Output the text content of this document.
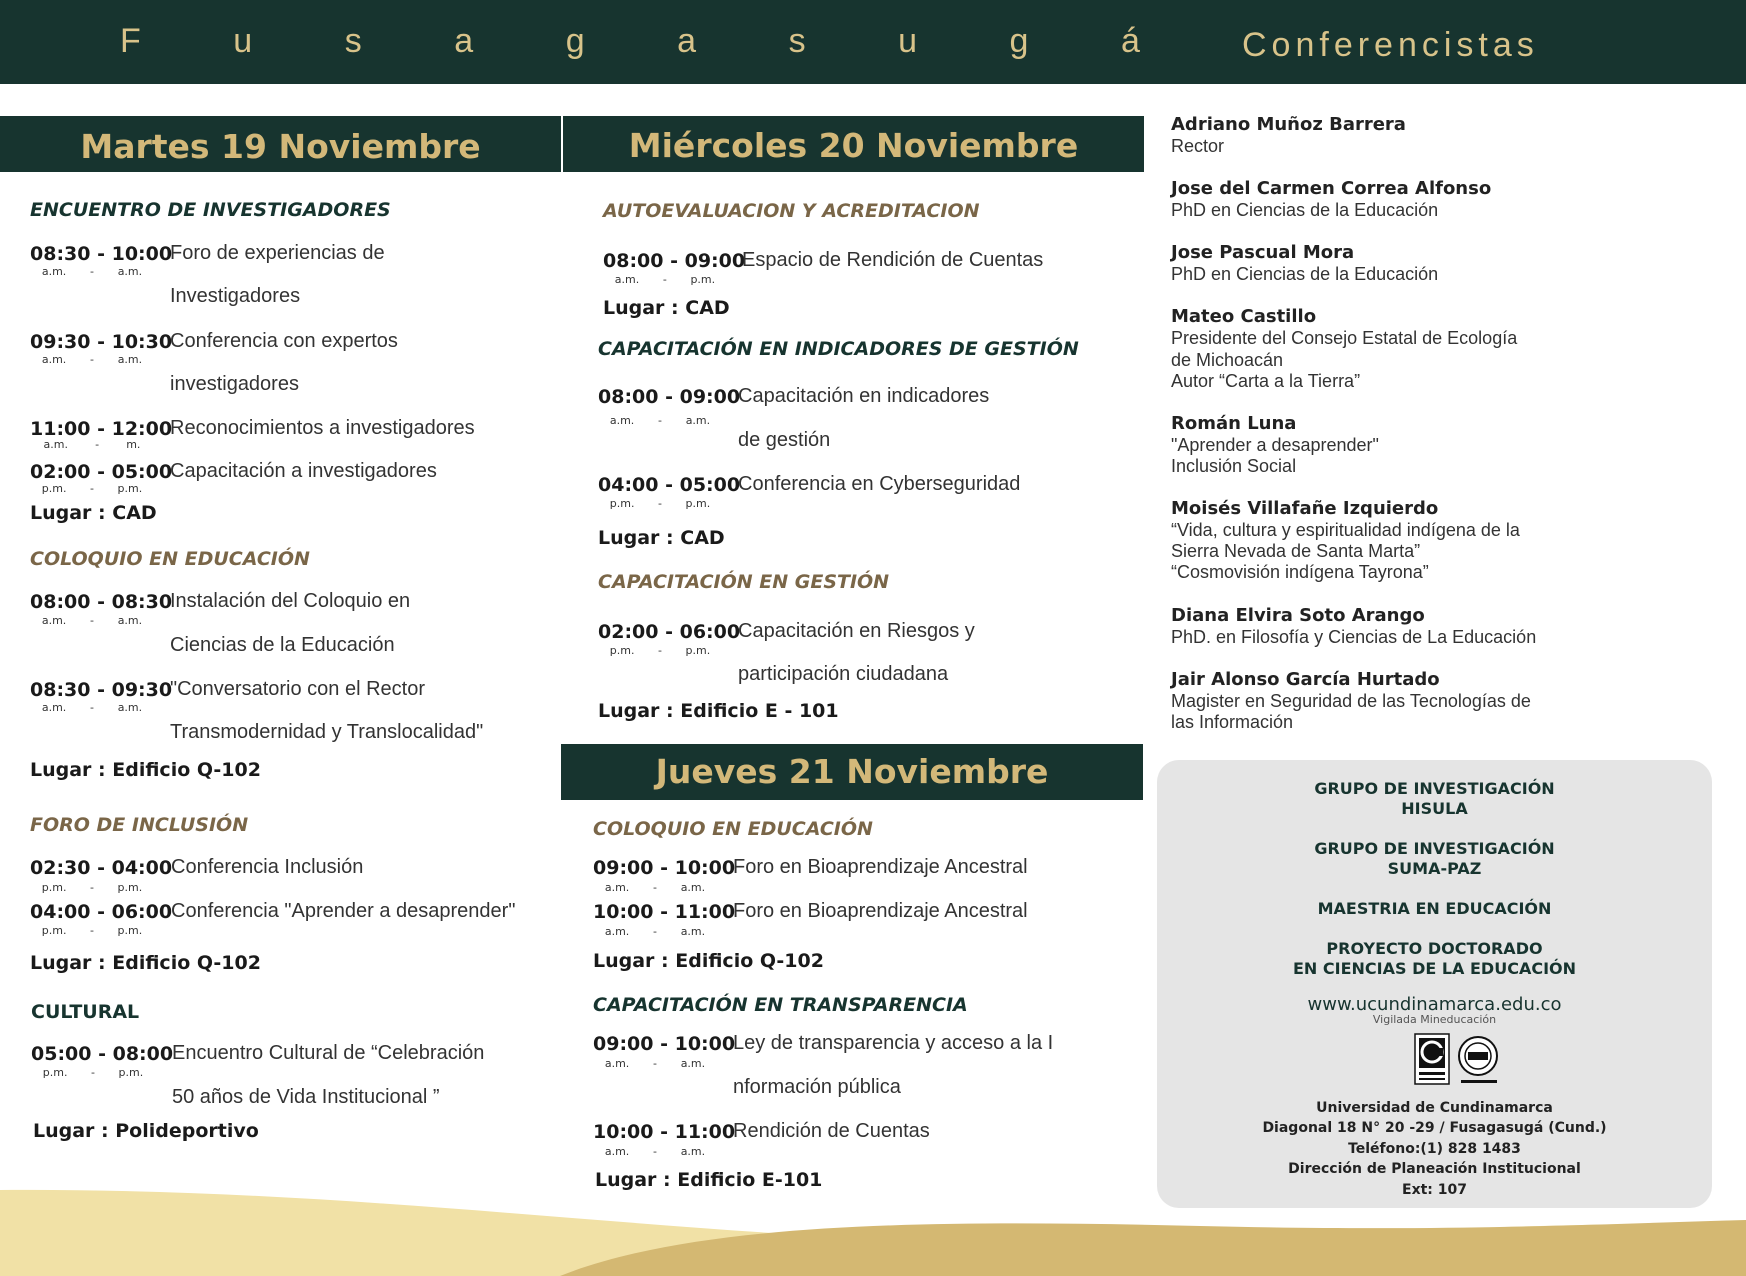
F	u	s	a	g	a	s	u	g	á	Conferencistas
Martes 19 Noviembre	Miércoles 20 Noviembre
Jueves 21 Noviembre
ENCUENTRO DE INVESTIGADORES
08:30 - 10:00
a.m. - a.m.
Foro de experiencias de
Investigadores
09:30 - 10:30
a.m. - a.m.
Conferencia con expertos
investigadores
11:00 - 12:00
a.m. - m.
Reconocimientos a investigadores
02:00 - 05:00
p.m. - p.m.
Capacitación a investigadores
Lugar : CAD
COLOQUIO EN EDUCACIÓN
08:00 - 08:30
a.m. - a.m.
Instalación del Coloquio en
Ciencias de la Educación
08:30 - 09:30
a.m. - a.m.
"Conversatorio con el Rector
Transmodernidad y Translocalidad"
Lugar : Edificio Q-102
FORO DE INCLUSIÓN
02:30 - 04:00
p.m. - p.m.
Conferencia Inclusión
04:00 - 06:00
p.m. - p.m.
Conferencia "Aprender a desaprender"
Lugar : Edificio Q-102
CULTURAL
05:00 - 08:00
p.m. - p.m.
Encuentro Cultural de “Celebración
50 años de Vida Institucional ”
Lugar : Polideportivo
AUTOEVALUACION Y ACREDITACION
08:00 - 09:00
a.m. - p.m.
Espacio de Rendición de Cuentas
Lugar : CAD
CAPACITACIÓN EN INDICADORES DE GESTIÓN
08:00 - 09:00
a.m. - a.m.
Capacitación en indicadores
de gestión
04:00 - 05:00
p.m. - p.m.
Conferencia en Cyberseguridad
Lugar : CAD
CAPACITACIÓN EN GESTIÓN
02:00 - 06:00
p.m. - p.m.
Capacitación en Riesgos y
participación ciudadana
Lugar : Edificio E - 101
COLOQUIO EN EDUCACIÓN
09:00 - 10:00
a.m. - a.m.
Foro en Bioaprendizaje Ancestral
10:00 - 11:00
a.m. - a.m.
Foro en Bioaprendizaje Ancestral
Lugar : Edificio Q-102
CAPACITACIÓN EN TRANSPARENCIA
09:00 - 10:00
a.m. - a.m.
Ley de transparencia y acceso a la I
nformación pública
10:00 - 11:00
a.m. - a.m.
Rendición de Cuentas
Lugar : Edificio E-101
Adriano Muñoz Barrera
Rector
Jose del Carmen Correa Alfonso
PhD en Ciencias de la Educación
Jose Pascual Mora
PhD en Ciencias de la Educación
Mateo Castillo
Presidente del Consejo Estatal de Ecología
de Michoacán
Autor “Carta a la Tierra”
Román Luna
"Aprender a desaprender"
Inclusión Social
Moisés Villafañe Izquierdo
“Vida, cultura y espiritualidad indígena de la
Sierra Nevada de Santa Marta”
“Cosmovisión indígena Tayrona”
Diana Elvira Soto Arango
PhD. en Filosofía y Ciencias de La Educación
Jair Alonso García Hurtado
Magister en Seguridad de las Tecnologías de
las Información
GRUPO DE INVESTIGACIÓN
HISULA
GRUPO DE INVESTIGACIÓN
SUMA-PAZ
MAESTRIA EN EDUCACIÓN
PROYECTO DOCTORADO
EN CIENCIAS DE LA EDUCACIÓN
www.ucundinamarca.edu.co
Vigilada Mineducación
Universidad de Cundinamarca
Diagonal 18 N° 20 -29 / Fusagasugá (Cund.)
Teléfono:(1) 828 1483
Dirección de Planeación Institucional
Ext: 107
